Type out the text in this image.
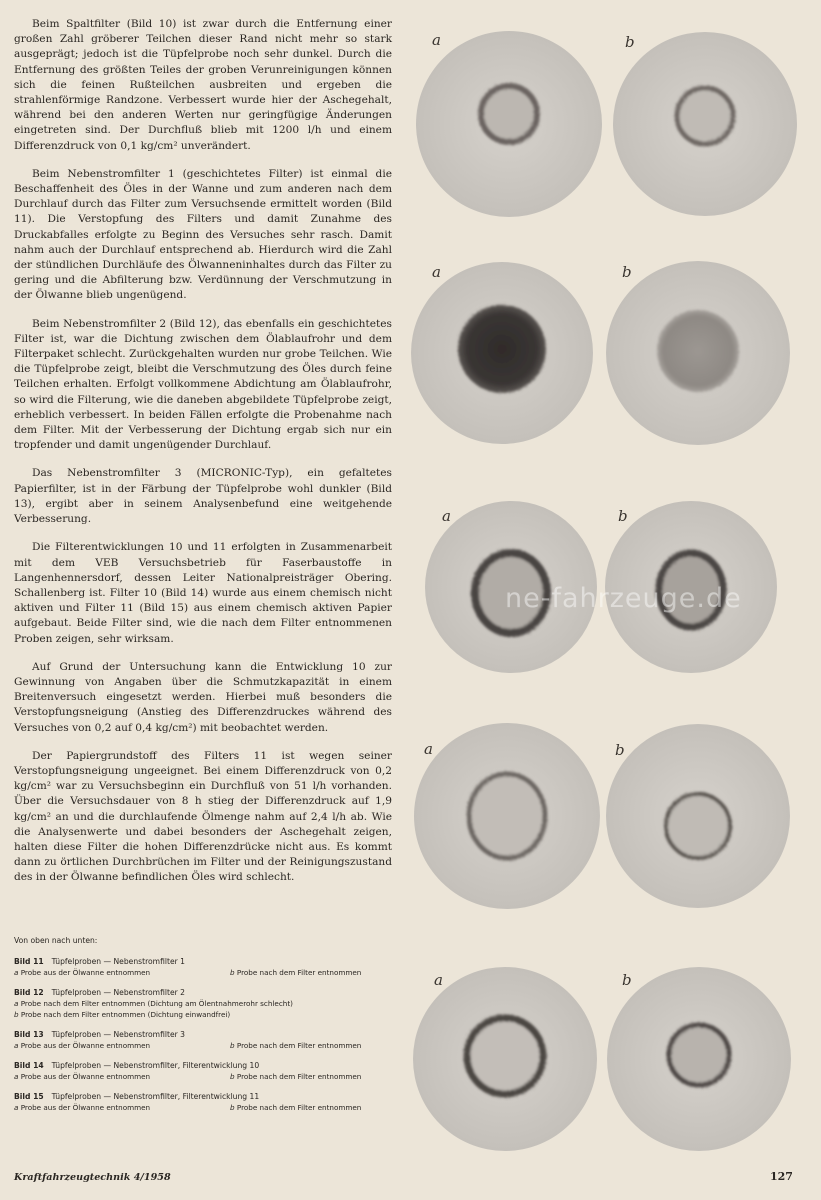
Beim Spaltfilter (Bild 10) ist zwar durch die Entfernung einer großen Zahl gröberer Teilchen dieser Rand nicht mehr so stark ausgeprägt; jedoch ist die Tüpfelprobe noch sehr dunkel. Durch die Entfernung des größten Teiles der groben Verunreinigungen können sich die feinen Rußteilchen ausbreiten und ergeben die strahlenförmige Randzone. Verbessert wurde hier der Aschegehalt, während bei den anderen Werten nur geringfügige Änderungen eingetreten sind. Der Durchfluß blieb mit 1200 l/h und einem Differenzdruck von 0,1 kg/cm² unverändert.

Beim Nebenstromfilter 1 (geschichtetes Filter) ist einmal die Beschaffenheit des Öles in der Wanne und zum anderen nach dem Durchlauf durch das Filter zum Versuchsende ermittelt worden (Bild 11). Die Verstopfung des Filters und damit Zunahme des Druckabfalles erfolgte zu Beginn des Versuches sehr rasch. Damit nahm auch der Durchlauf entsprechend ab. Hierdurch wird die Zahl der stündlichen Durchläufe des Ölwanneninhaltes durch das Filter zu gering und die Abfilterung bzw. Verdünnung der Verschmutzung in der Ölwanne blieb ungenügend.

Beim Nebenstromfilter 2 (Bild 12), das ebenfalls ein geschichtetes Filter ist, war die Dichtung zwischen dem Ölablaufrohr und dem Filterpaket schlecht. Zurückgehalten wurden nur grobe Teilchen. Wie die Tüpfelprobe zeigt, bleibt die Verschmutzung des Öles durch feine Teilchen erhalten. Erfolgt vollkommene Abdichtung am Ölablaufrohr, so wird die Filterung, wie die daneben abgebildete Tüpfelprobe zeigt, erheblich verbessert. In beiden Fällen erfolgte die Probenahme nach dem Filter. Mit der Verbesserung der Dichtung ergab sich nur ein tropfender und damit ungenügender Durchlauf.

Das Nebenstromfilter 3 (MICRONIC-Typ), ein gefaltetes Papierfilter, ist in der Färbung der Tüpfelprobe wohl dunkler (Bild 13), ergibt aber in seinem Analysenbefund eine weitgehende Verbesserung.

Die Filterentwicklungen 10 und 11 erfolgten in Zusammenarbeit mit dem VEB Versuchsbetrieb für Faserbaustoffe in Langenhennersdorf, dessen Leiter Nationalpreisträger Obering. Schallenberg ist. Filter 10 (Bild 14) wurde aus einem chemisch nicht aktiven und Filter 11 (Bild 15) aus einem chemisch aktiven Papier aufgebaut. Beide Filter sind, wie die nach dem Filter entnommenen Proben zeigen, sehr wirksam.

Auf Grund der Untersuchung kann die Entwicklung 10 zur Gewinnung von Angaben über die Schmutzkapazität in einem Breitenversuch eingesetzt werden. Hierbei muß besonders die Verstopfungsneigung (Anstieg des Differenzdruckes während des Versuches von 0,2 auf 0,4 kg/cm²) mit beobachtet werden.

Der Papiergrundstoff des Filters 11 ist wegen seiner Verstopfungsneigung ungeeignet. Bei einem Differenzdruck von 0,2 kg/cm² war zu Versuchsbeginn ein Durchfluß von 51 l/h vorhanden. Über die Versuchsdauer von 8 h stieg der Differenzdruck auf 1,9 kg/cm² an und die durchlaufende Ölmenge nahm auf 2,4 l/h ab. Wie die Analysenwerte und dabei besonders der Aschegehalt zeigen, halten diese Filter die hohen Differenzdrücke nicht aus. Es kommt dann zu örtlichen Durchbrüchen im Filter und der Reinigungszustand des in der Ölwanne befindlichen Öles wird schlecht.

Von oben nach unten:

Bild 11 Tüpfelproben — Nebenstromfilter 1

a Probe aus der Ölwanne entnommen	b Probe nach dem Filter entnommen

Bild 12 Tüpfelproben — Nebenstromfilter 2

a Probe nach dem Filter entnommen (Dichtung am Ölentnahmerohr schlecht)

b Probe nach dem Filter entnommen (Dichtung einwandfrei)

Bild 13 Tüpfelproben — Nebenstromfilter 3

a Probe aus der Ölwanne entnommen	b Probe nach dem Filter entnommen

Bild 14 Tüpfelproben — Nebenstromfilter, Filterentwicklung 10

a Probe aus der Ölwanne entnommen	b Probe nach dem Filter entnommen

Bild 15 Tüpfelproben — Nebenstromfilter, Filterentwicklung 11

a Probe aus der Ölwanne entnommen	b Probe nach dem Filter entnommen

a	b
a	b
a	b
a	b
a	b
ne-fahrzeuge.de
Kraftfahrzeugtechnik 4/1958	127
